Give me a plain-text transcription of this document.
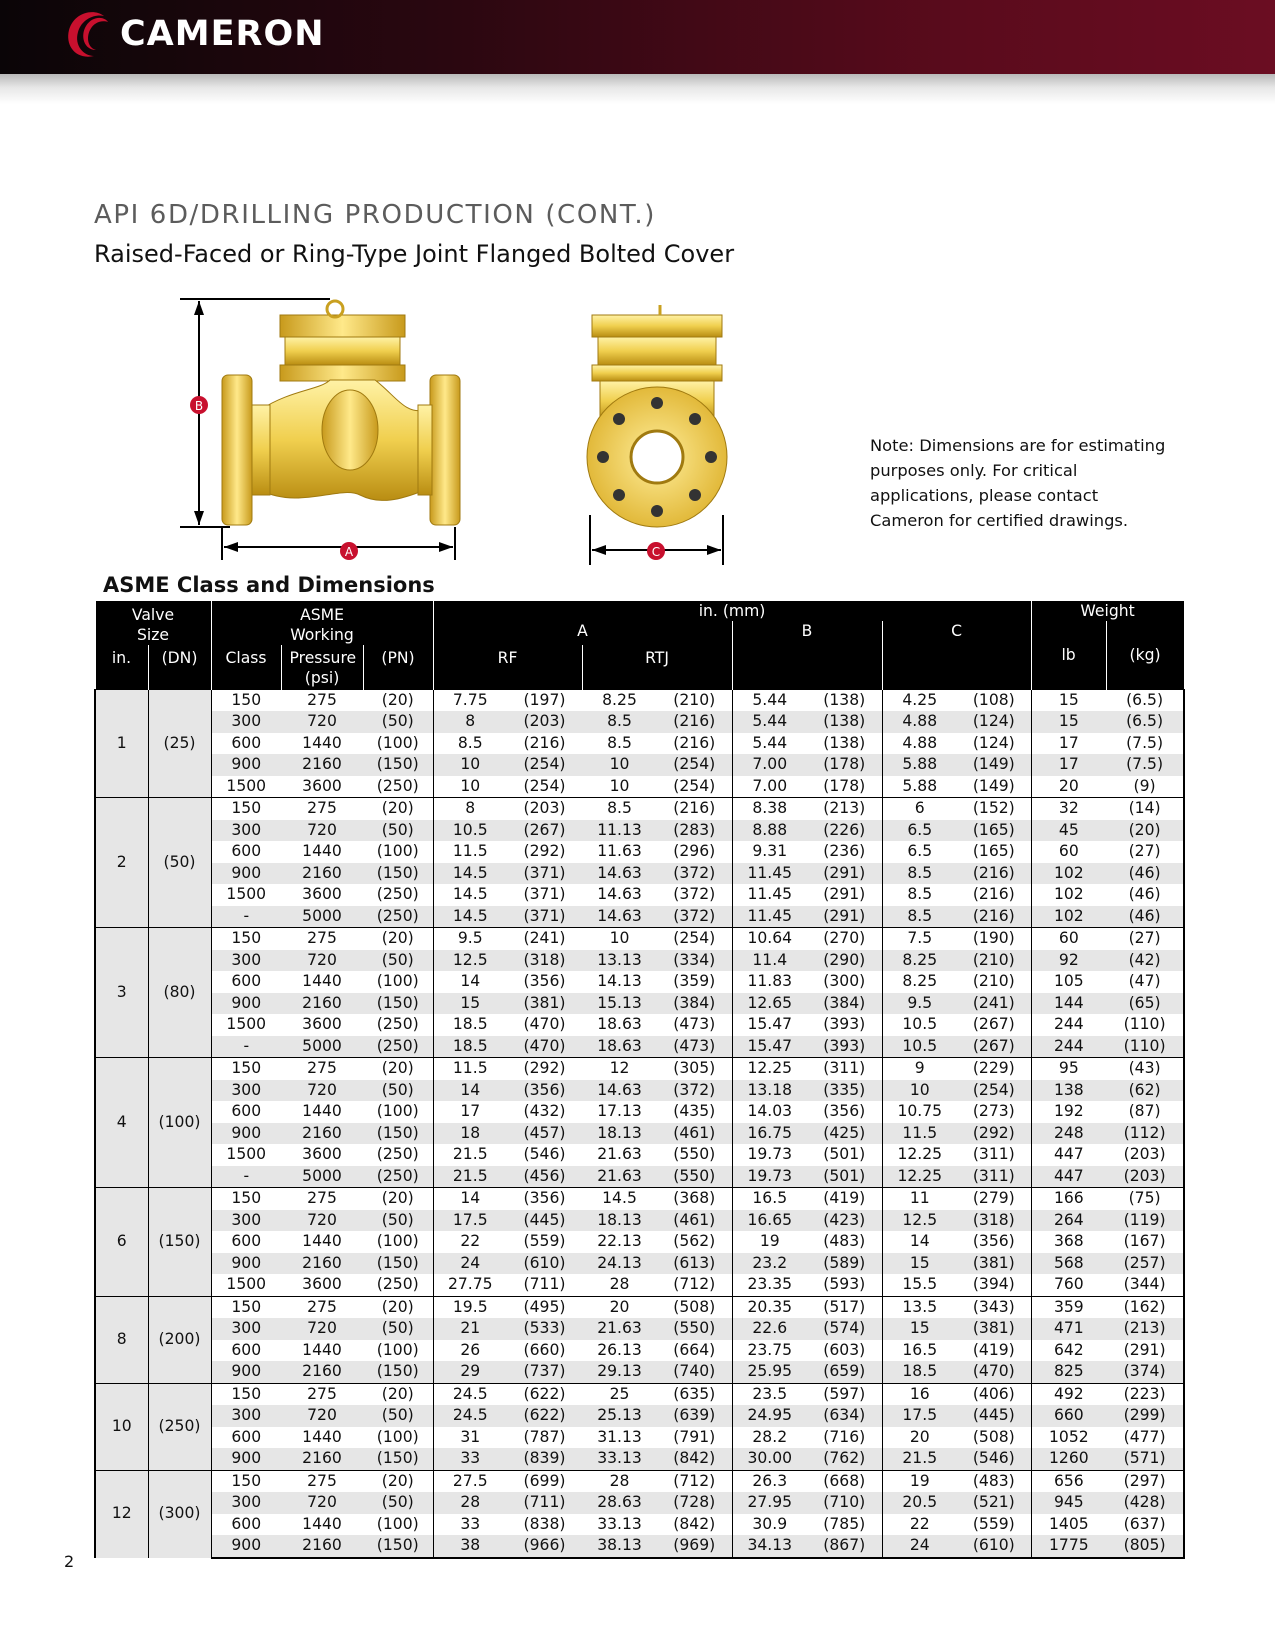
CAMERON
API 6D/DRILLING PRODUCTION (CONT.)
Raised-Faced or Ring-Type Joint Flanged Bolted Cover
B
A	C
Note: Dimensions are for estimating purposes only. For critical applications, please contact Cameron for certified drawings.
ASME Class and Dimensions
Valve Size		ASME Working			in. (mm)								Weight	
					A				B		C		lb	(kg)
in.	(DN)	Class	Pressure (psi)	(PN)	RF		RTJ							
1	(25)	150	275	(20)	7.75	(197)	8.25	(210)	5.44	(138)	4.25	(108)	15	(6.5)
		300	720	(50)	8	(203)	8.5	(216)	5.44	(138)	4.88	(124)	15	(6.5)
		600	1440	(100)	8.5	(216)	8.5	(216)	5.44	(138)	4.88	(124)	17	(7.5)
		900	2160	(150)	10	(254)	10	(254)	7.00	(178)	5.88	(149)	17	(7.5)
		1500	3600	(250)	10	(254)	10	(254)	7.00	(178)	5.88	(149)	20	(9)
2	(50)	150	275	(20)	8	(203)	8.5	(216)	8.38	(213)	6	(152)	32	(14)
		300	720	(50)	10.5	(267)	11.13	(283)	8.88	(226)	6.5	(165)	45	(20)
		600	1440	(100)	11.5	(292)	11.63	(296)	9.31	(236)	6.5	(165)	60	(27)
		900	2160	(150)	14.5	(371)	14.63	(372)	11.45	(291)	8.5	(216)	102	(46)
		1500	3600	(250)	14.5	(371)	14.63	(372)	11.45	(291)	8.5	(216)	102	(46)
		-	5000	(250)	14.5	(371)	14.63	(372)	11.45	(291)	8.5	(216)	102	(46)
3	(80)	150	275	(20)	9.5	(241)	10	(254)	10.64	(270)	7.5	(190)	60	(27)
		300	720	(50)	12.5	(318)	13.13	(334)	11.4	(290)	8.25	(210)	92	(42)
		600	1440	(100)	14	(356)	14.13	(359)	11.83	(300)	8.25	(210)	105	(47)
		900	2160	(150)	15	(381)	15.13	(384)	12.65	(384)	9.5	(241)	144	(65)
		1500	3600	(250)	18.5	(470)	18.63	(473)	15.47	(393)	10.5	(267)	244	(110)
		-	5000	(250)	18.5	(470)	18.63	(473)	15.47	(393)	10.5	(267)	244	(110)
4	(100)	150	275	(20)	11.5	(292)	12	(305)	12.25	(311)	9	(229)	95	(43)
		300	720	(50)	14	(356)	14.63	(372)	13.18	(335)	10	(254)	138	(62)
		600	1440	(100)	17	(432)	17.13	(435)	14.03	(356)	10.75	(273)	192	(87)
		900	2160	(150)	18	(457)	18.13	(461)	16.75	(425)	11.5	(292)	248	(112)
		1500	3600	(250)	21.5	(546)	21.63	(550)	19.73	(501)	12.25	(311)	447	(203)
		-	5000	(250)	21.5	(456)	21.63	(550)	19.73	(501)	12.25	(311)	447	(203)
6	(150)	150	275	(20)	14	(356)	14.5	(368)	16.5	(419)	11	(279)	166	(75)
		300	720	(50)	17.5	(445)	18.13	(461)	16.65	(423)	12.5	(318)	264	(119)
		600	1440	(100)	22	(559)	22.13	(562)	19	(483)	14	(356)	368	(167)
		900	2160	(150)	24	(610)	24.13	(613)	23.2	(589)	15	(381)	568	(257)
		1500	3600	(250)	27.75	(711)	28	(712)	23.35	(593)	15.5	(394)	760	(344)
8	(200)	150	275	(20)	19.5	(495)	20	(508)	20.35	(517)	13.5	(343)	359	(162)
		300	720	(50)	21	(533)	21.63	(550)	22.6	(574)	15	(381)	471	(213)
		600	1440	(100)	26	(660)	26.13	(664)	23.75	(603)	16.5	(419)	642	(291)
		900	2160	(150)	29	(737)	29.13	(740)	25.95	(659)	18.5	(470)	825	(374)
10	(250)	150	275	(20)	24.5	(622)	25	(635)	23.5	(597)	16	(406)	492	(223)
		300	720	(50)	24.5	(622)	25.13	(639)	24.95	(634)	17.5	(445)	660	(299)
		600	1440	(100)	31	(787)	31.13	(791)	28.2	(716)	20	(508)	1052	(477)
		900	2160	(150)	33	(839)	33.13	(842)	30.00	(762)	21.5	(546)	1260	(571)
12	(300)	150	275	(20)	27.5	(699)	28	(712)	26.3	(668)	19	(483)	656	(297)
		300	720	(50)	28	(711)	28.63	(728)	27.95	(710)	20.5	(521)	945	(428)
		600	1440	(100)	33	(838)	33.13	(842)	30.9	(785)	22	(559)	1405	(637)
		900	2160	(150)	38	(966)	38.13	(969)	34.13	(867)	24	(610)	1775	(805)
2
